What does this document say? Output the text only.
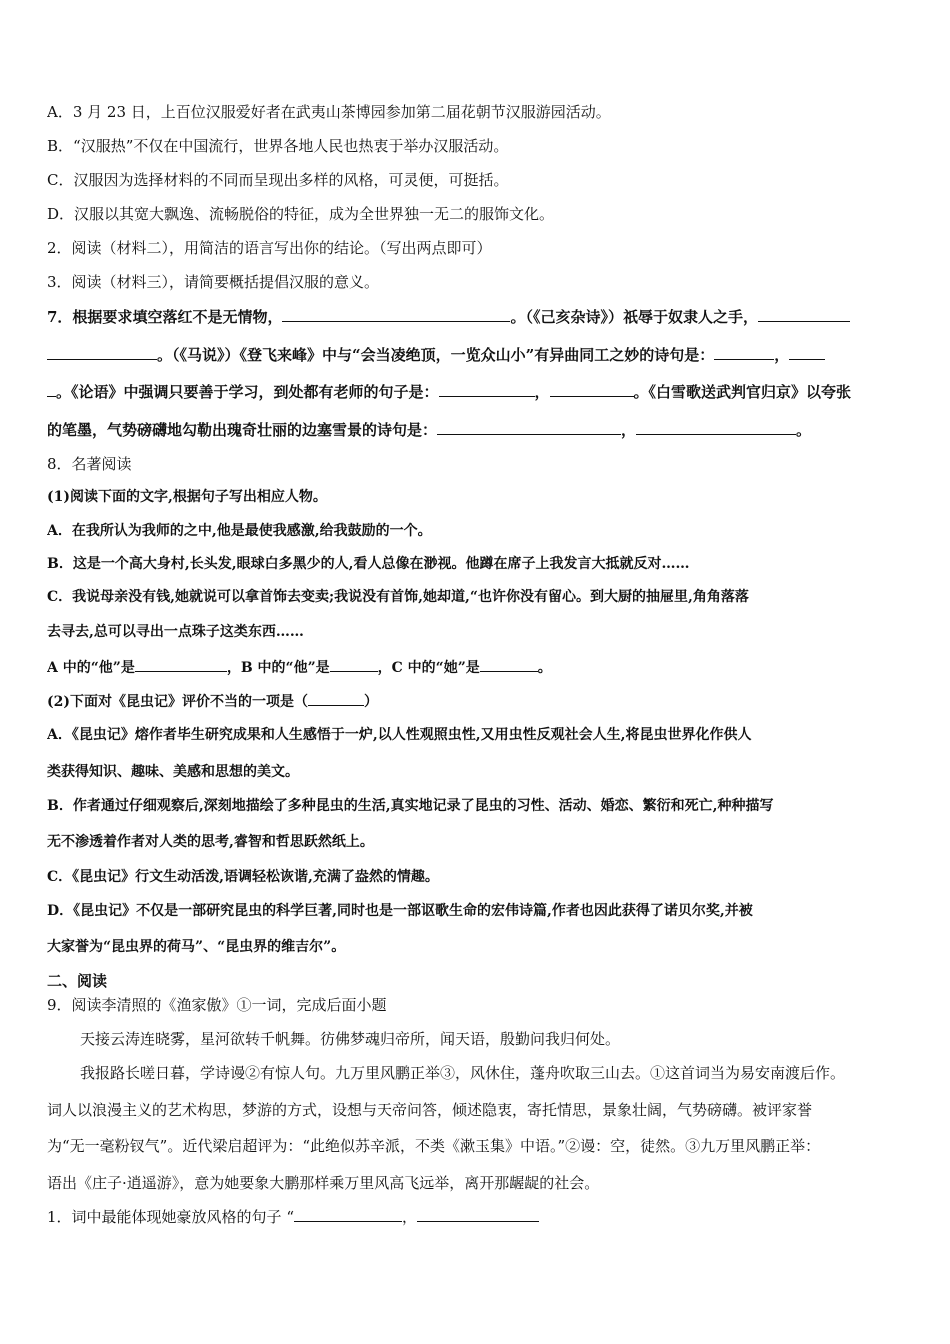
A．3 月 23 日，上百位汉服爱好者在武夷山茶博园参加第二届花朝节汉服游园活动。
B．“汉服热”不仅在中国流行，世界各地人民也热衷于举办汉服活动。
C．汉服因为选择材料的不同而呈现出多样的风格，可灵便，可挺括。
D．汉服以其宽大飘逸、流畅脱俗的特征，成为全世界独一无二的服饰文化。
2．阅读（材料二），用简洁的语言写出你的结论。（写出两点即可）
3．阅读（材料三），请简要概括提倡汉服的意义。
7．根据要求填空落红不是无情物，	。（《己亥杂诗》）祇辱于奴隶人之手，
。（《马说》）《登飞来峰》中与“会当凌绝顶，一览众山小”有异曲同工之妙的诗句是：	，
。《论语》中强调只要善于学习，到处都有老师的句子是：	，	。《白雪歌送武判官归京》以夸张
的笔墨，气势磅礴地勾勒出瑰奇壮丽的边塞雪景的诗句是：	，	。
8．名著阅读
(1)阅读下面的文字,根据句子写出相应人物。
A．在我所认为我师的之中,他是最使我感激,给我鼓励的一个。
B．这是一个高大身村,长头发,眼球白多黑少的人,看人总像在渺视。他蹲在席子上我发言大抵就反对……
C．我说母亲没有钱,她就说可以拿首饰去变卖;我说没有首饰,她却道,“也许你没有留心。到大厨的抽屉里,角角落落
去寻去,总可以寻出一点珠子这类东西……
A 中的“他”是	，B 中的“他”是	，C 中的“她”是	。
(2)下面对《昆虫记》评价不当的一项是（	）
A．《昆虫记》熔作者毕生研究成果和人生感悟于一炉,以人性观照虫性,又用虫性反观社会人生,将昆虫世界化作供人
类获得知识、趣味、美感和思想的美文。
B．作者通过仔细观察后,深刻地描绘了多种昆虫的生活,真实地记录了昆虫的习性、活动、婚恋、繁衍和死亡,种种描写
无不渗透着作者对人类的思考,睿智和哲思跃然纸上。
C．《昆虫记》行文生动活泼,语调轻松诙谐,充满了盎然的情趣。
D．《昆虫记》不仅是一部研究昆虫的科学巨著,同时也是一部讴歌生命的宏伟诗篇,作者也因此获得了诺贝尔奖,并被
大家誉为“昆虫界的荷马”、“昆虫界的维吉尔”。
二、阅读
9．阅读李清照的《渔家傲》①一词，完成后面小题
天接云涛连晓雾，星河欲转千帆舞。彷佛梦魂归帝所，闻天语，殷勤问我归何处。
我报路长嗟日暮，学诗谩②有惊人句。九万里风鹏正举③，风休住，蓬舟吹取三山去。①这首词当为易安南渡后作。
词人以浪漫主义的艺术构思，梦游的方式，设想与天帝问答，倾述隐衷，寄托情思，景象壮阔，气势磅礴。被评家誉
为“无一毫粉钗气”。近代梁启超评为：“此绝似苏辛派，不类《漱玉集》中语。”②谩：空，徒然。③九万里风鹏正举：
语出《庄子·逍遥游》，意为她要象大鹏那样乘万里风高飞远举，离开那龌龊的社会。
1．词中最能体现她豪放风格的句子 “	，
